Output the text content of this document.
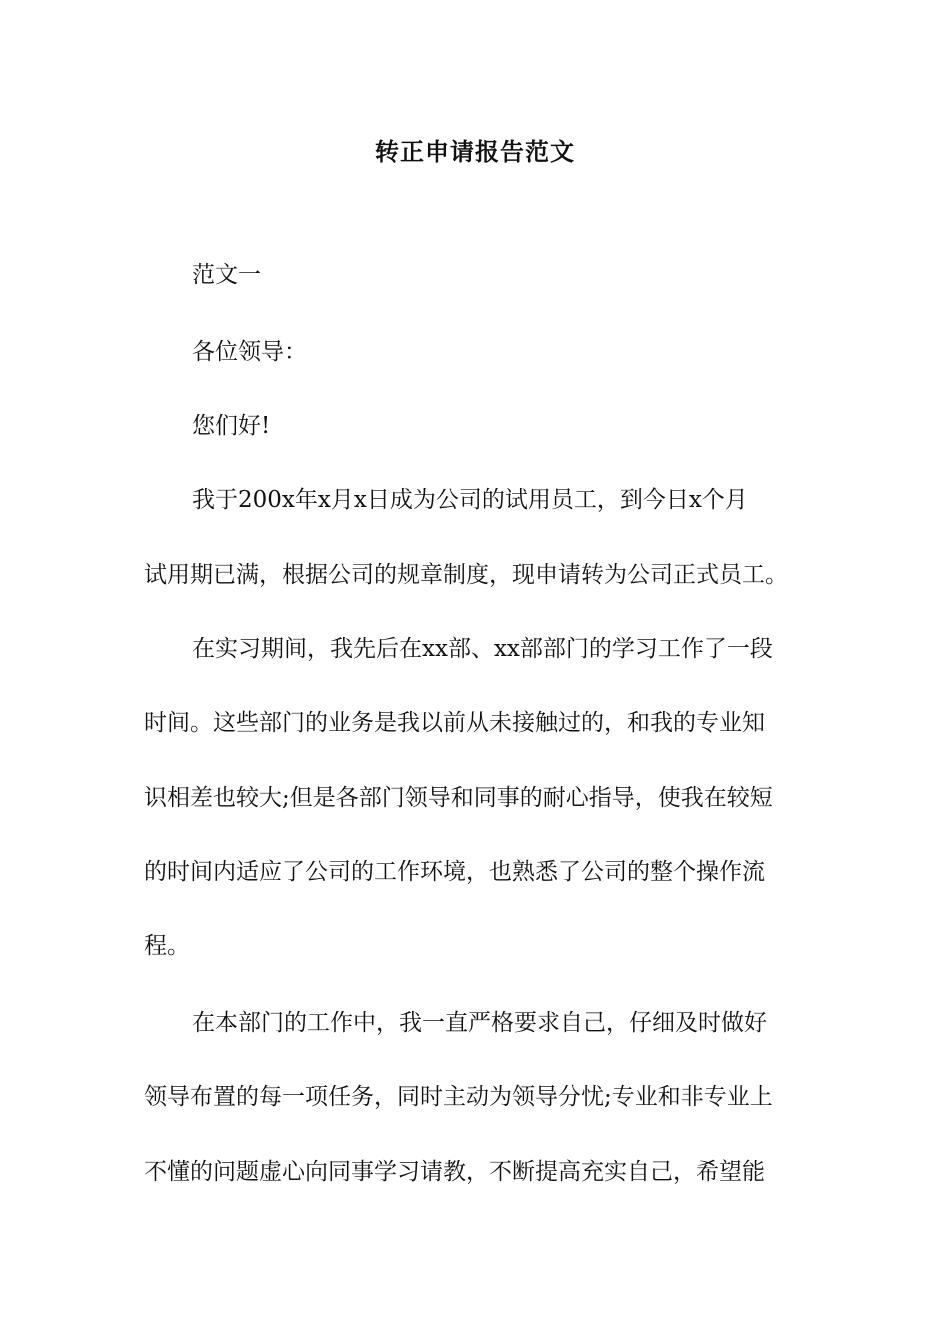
转正申请报告范文
范文一
各位领导：
您们好!
我于200x年x月x日成为公司的试用员工，到今日x个月
试用期已满，根据公司的规章制度，现申请转为公司正式员工。
在实习期间，我先后在xx部、xx部部门的学习工作了一段
时间。这些部门的业务是我以前从未接触过的，和我的专业知
识相差也较大;但是各部门领导和同事的耐心指导，使我在较短
的时间内适应了公司的工作环境，也熟悉了公司的整个操作流
程。
在本部门的工作中，我一直严格要求自己，仔细及时做好
领导布置的每一项任务，同时主动为领导分忧;专业和非专业上
不懂的问题虚心向同事学习请教，不断提高充实自己，希望能
